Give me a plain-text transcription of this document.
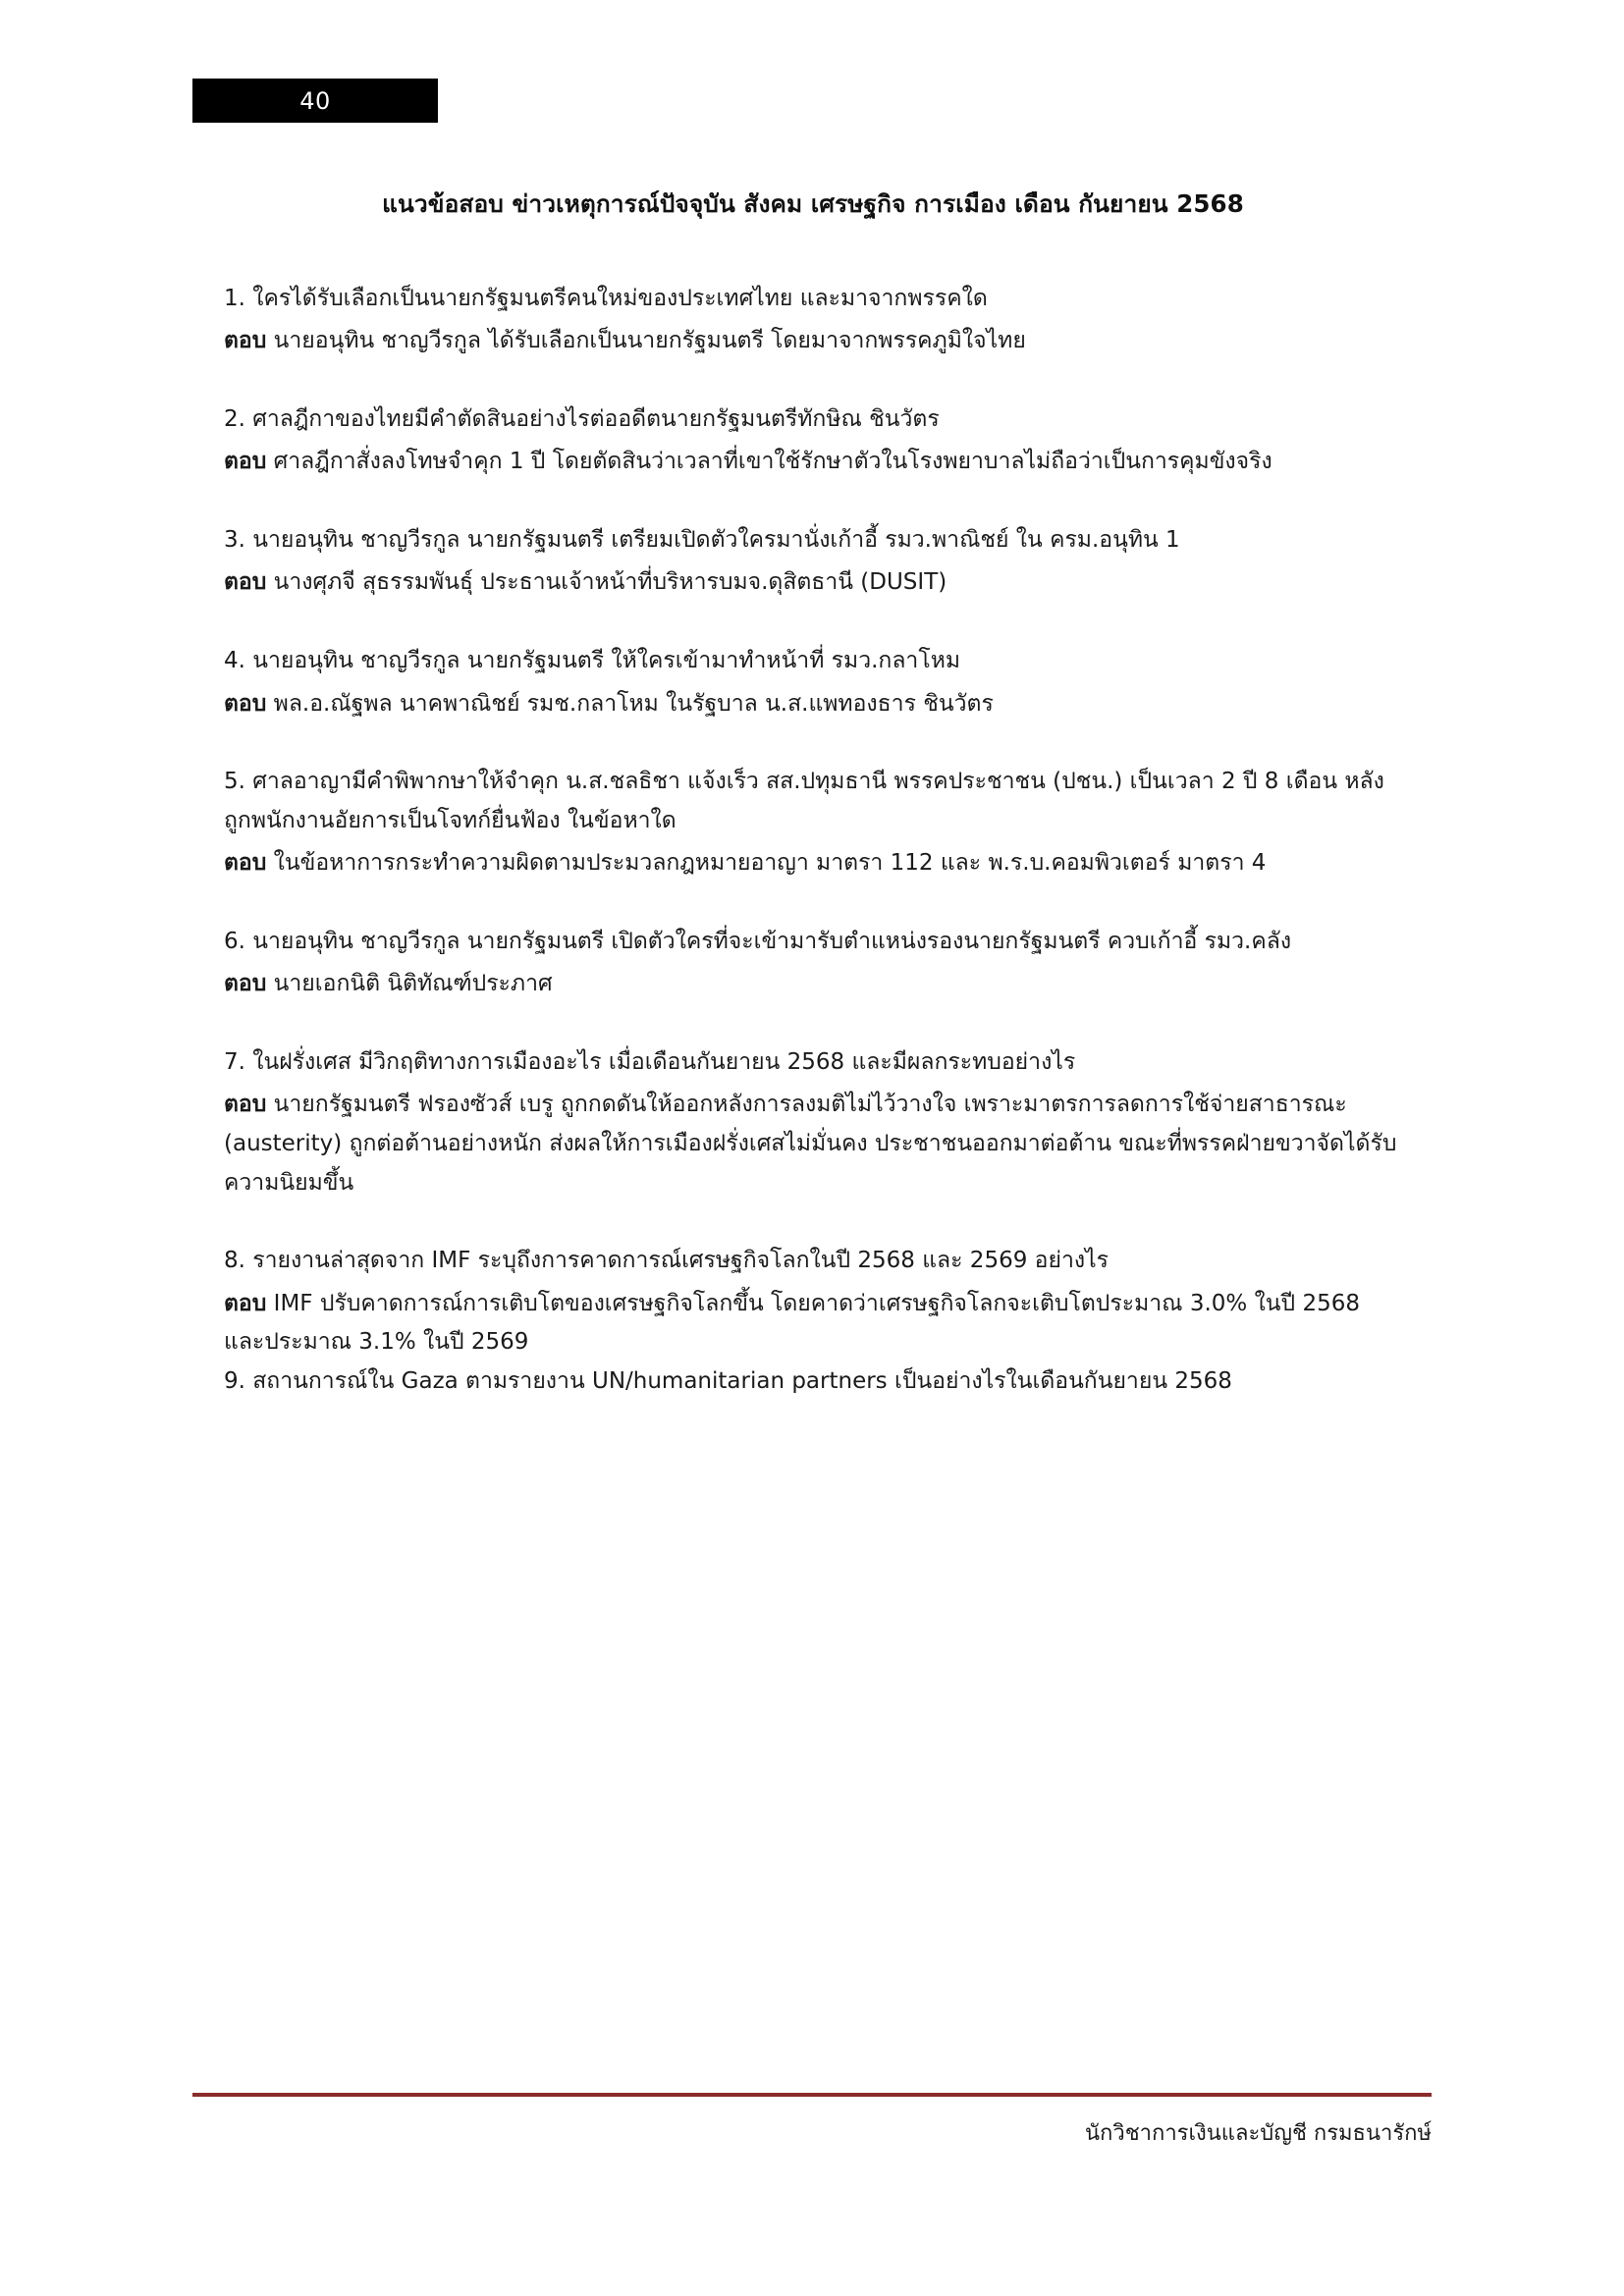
40
แนวข้อสอบ ข่าวเหตุการณ์ปัจจุบัน สังคม เศรษฐกิจ การเมือง เดือน กันยายน 2568
1. ใครได้รับเลือกเป็นนายกรัฐมนตรีคนใหม่ของประเทศไทย และมาจากพรรคใด
ตอบ นายอนุทิน ชาญวีรกูล ได้รับเลือกเป็นนายกรัฐมนตรี โดยมาจากพรรคภูมิใจไทย
2. ศาลฎีกาของไทยมีคำตัดสินอย่างไรต่ออดีตนายกรัฐมนตรีทักษิณ ชินวัตร
ตอบ ศาลฎีกาสั่งลงโทษจำคุก 1 ปี โดยตัดสินว่าเวลาที่เขาใช้รักษาตัวในโรงพยาบาลไม่ถือว่าเป็นการคุมขังจริง
3. นายอนุทิน ชาญวีรกูล นายกรัฐมนตรี เตรียมเปิดตัวใครมานั่งเก้าอี้ รมว.พาณิชย์ ใน ครม.อนุทิน 1
ตอบ นางศุภจี สุธรรมพันธุ์ ประธานเจ้าหน้าที่บริหารบมจ.ดุสิตธานี (DUSIT)
4. นายอนุทิน ชาญวีรกูล นายกรัฐมนตรี ให้ใครเข้ามาทำหน้าที่ รมว.กลาโหม
ตอบ พล.อ.ณัฐพล นาคพาณิชย์ รมช.กลาโหม ในรัฐบาล น.ส.แพทองธาร ชินวัตร
5. ศาลอาญามีคำพิพากษาให้จำคุก น.ส.ชลธิชา แจ้งเร็ว สส.ปทุมธานี พรรคประชาชน (ปชน.) เป็นเวลา 2 ปี 8 เดือน หลังถูกพนักงานอัยการเป็นโจทก์ยื่นฟ้อง ในข้อหาใด
ตอบ ในข้อหาการกระทำความผิดตามประมวลกฎหมายอาญา มาตรา 112 และ พ.ร.บ.คอมพิวเตอร์ มาตรา 4
6. นายอนุทิน ชาญวีรกูล นายกรัฐมนตรี เปิดตัวใครที่จะเข้ามารับตำแหน่งรองนายกรัฐมนตรี ควบเก้าอี้ รมว.คลัง
ตอบ นายเอกนิติ นิติทัณฑ์ประภาศ
7. ในฝรั่งเศส มีวิกฤติทางการเมืองอะไร เมื่อเดือนกันยายน 2568 และมีผลกระทบอย่างไร
ตอบ นายกรัฐมนตรี ฟรองซัวส์ เบรู ถูกกดดันให้ออกหลังการลงมติไม่ไว้วางใจ เพราะมาตรการลดการใช้จ่ายสาธารณะ (austerity) ถูกต่อต้านอย่างหนัก ส่งผลให้การเมืองฝรั่งเศสไม่มั่นคง ประชาชนออกมาต่อต้าน ขณะที่พรรคฝ่ายขวาจัดได้รับความนิยมขึ้น
8. รายงานล่าสุดจาก IMF ระบุถึงการคาดการณ์เศรษฐกิจโลกในปี 2568 และ 2569 อย่างไร
ตอบ IMF ปรับคาดการณ์การเติบโตของเศรษฐกิจโลกขึ้น โดยคาดว่าเศรษฐกิจโลกจะเติบโตประมาณ 3.0% ในปี 2568 และประมาณ 3.1% ในปี 2569
9. สถานการณ์ใน Gaza ตามรายงาน UN/humanitarian partners เป็นอย่างไรในเดือนกันยายน 2568
นักวิชาการเงินและบัญชี กรมธนารักษ์
